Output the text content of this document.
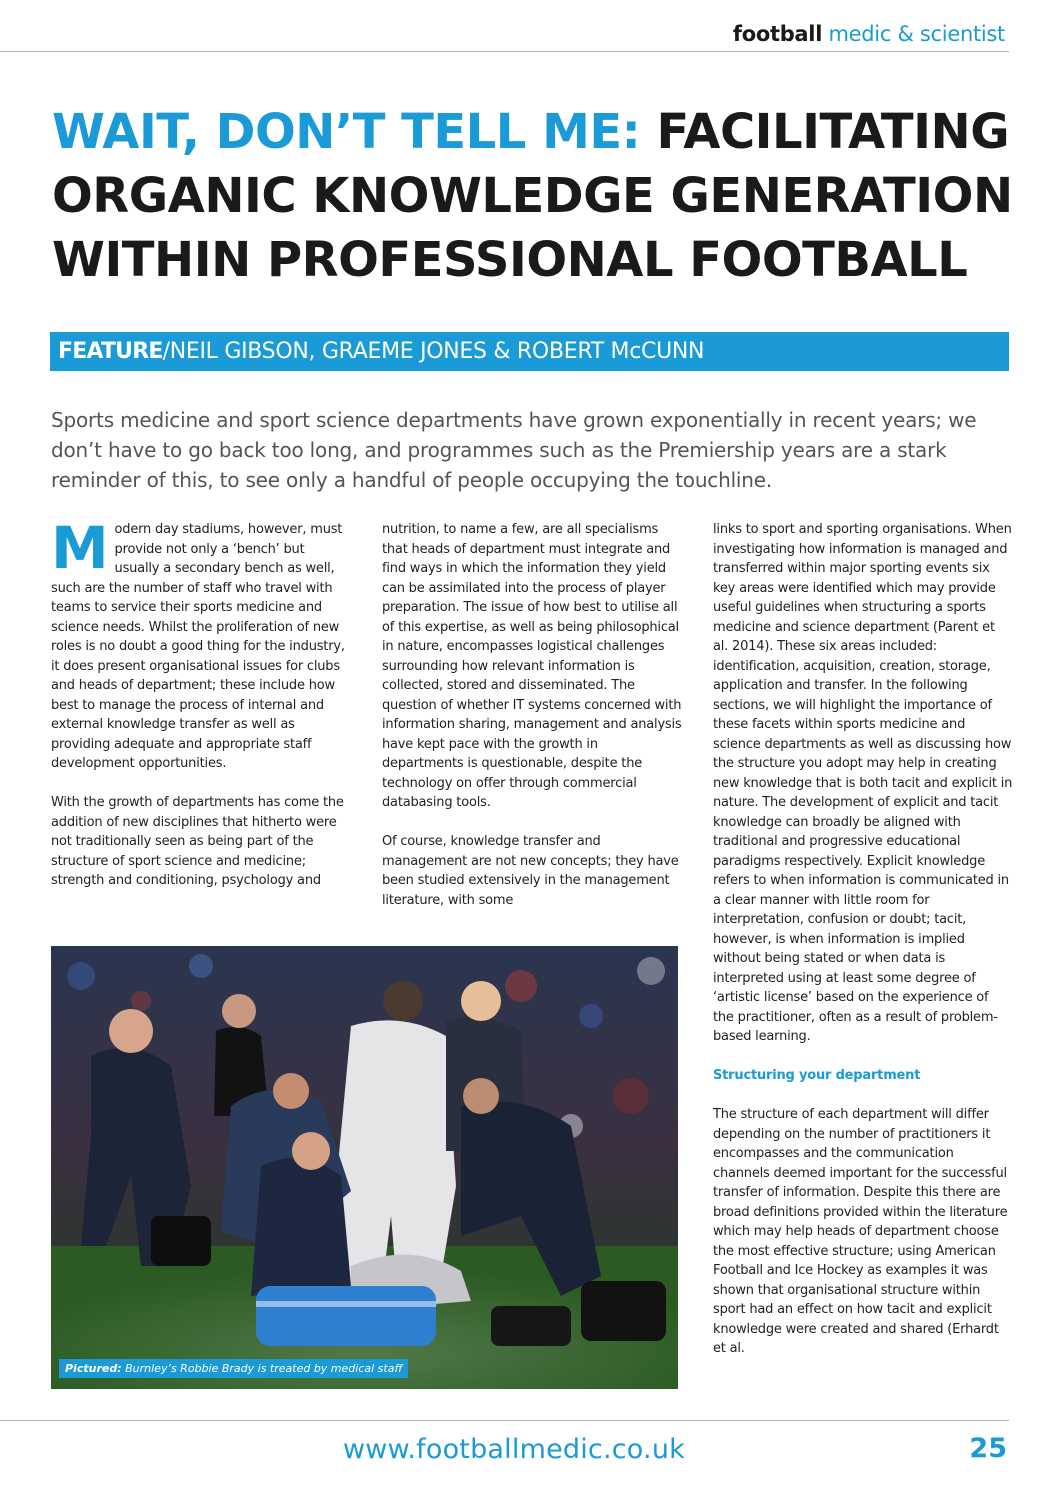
football medic & scientist
WAIT, DON’T TELL ME: FACILITATING ORGANIC KNOWLEDGE GENERATION WITHIN PROFESSIONAL FOOTBALL
FEATURE/NEIL GIBSON, GRAEME JONES & ROBERT McCUNN

Sports medicine and sport science departments have grown exponentially in recent years; we don’t have to go back too long, and programmes such as the Premiership years are a stark reminder of this, to see only a handful of people occupying the touchline.

Modern day stadiums, however, must provide not only a ‘bench’ but usually a secondary bench as well, such are the number of staff who travel with teams to service their sports medicine and science needs. Whilst the proliferation of new roles is no doubt a good thing for the industry, it does present organisational issues for clubs and heads of department; these include how best to manage the process of internal and external knowledge transfer as well as providing adequate and appropriate staff development opportunities.

With the growth of departments has come the addition of new disciplines that hitherto were not traditionally seen as being part of the structure of sport science and medicine; strength and conditioning, psychology and

nutrition, to name a few, are all specialisms that heads of department must integrate and find ways in which the information they yield can be assimilated into the process of player preparation. The issue of how best to utilise all of this expertise, as well as being philosophical in nature, encompasses logistical challenges surrounding how relevant information is collected, stored and disseminated. The question of whether IT systems concerned with information sharing, management and analysis have kept pace with the growth in departments is questionable, despite the technology on offer through commercial databasing tools.

Of course, knowledge transfer and management are not new concepts; they have been studied extensively in the management literature, with some

links to sport and sporting organisations. When investigating how information is managed and transferred within major sporting events six key areas were identified which may provide useful guidelines when structuring a sports medicine and science department (Parent et al. 2014). These six areas included: identification, acquisition, creation, storage, application and transfer. In the following sections, we will highlight the importance of these facets within sports medicine and science departments as well as discussing how the structure you adopt may help in creating new knowledge that is both tacit and explicit in nature. The development of explicit and tacit knowledge can broadly be aligned with traditional and progressive educational paradigms respectively. Explicit knowledge refers to when information is communicated in a clear manner with little room for interpretation, confusion or doubt; tacit, however, is when information is implied without being stated or when data is interpreted using at least some degree of ‘artistic license’ based on the experience of the practitioner, often as a result of problem-based learning.

Structuring your department

The structure of each department will differ depending on the number of practitioners it encompasses and the communication channels deemed important for the successful transfer of information. Despite this there are broad definitions provided within the literature which may help heads of department choose the most effective structure; using American Football and Ice Hockey as examples it was shown that organisational structure within sport had an effect on how tacit and explicit knowledge were created and shared (Erhardt et al.

Pictured: Burnley’s Robbie Brady is treated by medical staff
www.footballmedic.co.uk	25
